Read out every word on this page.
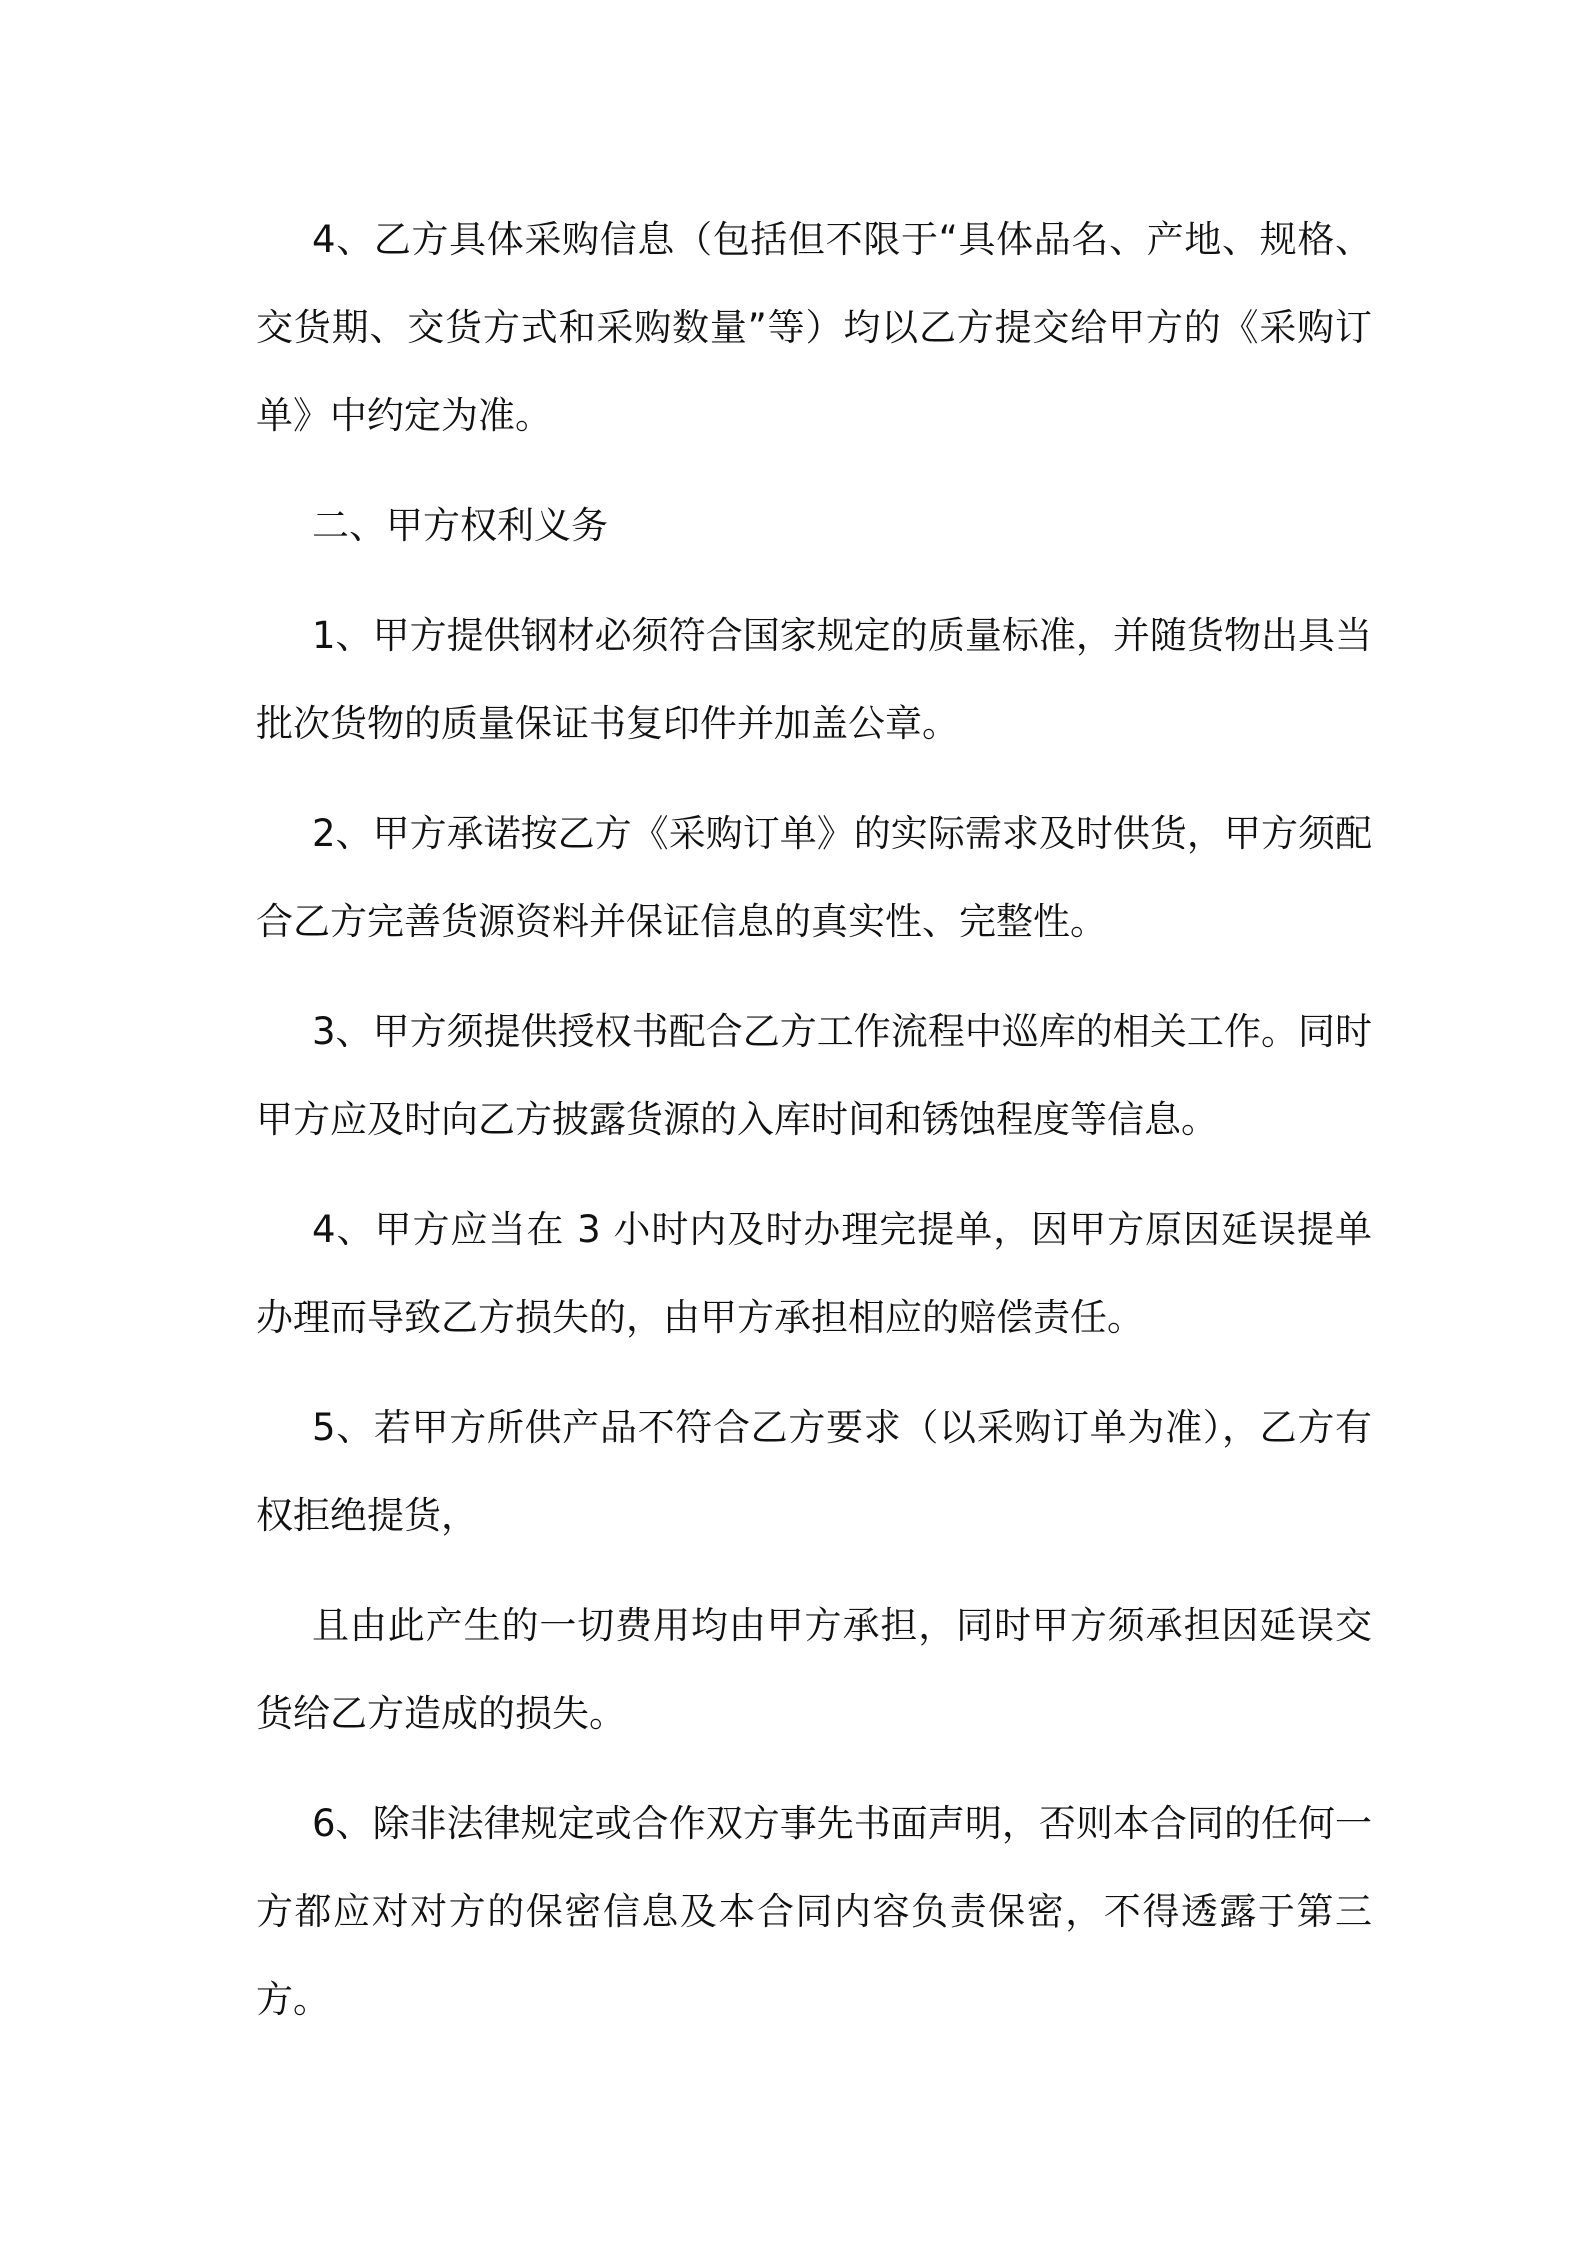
4、乙方具体采购信息（包括但不限于“具体品名、产地、规格、交货期、交货方式和采购数量”等）均以乙方提交给甲方的《采购订单》中约定为准。

二、甲方权利义务

1、甲方提供钢材必须符合国家规定的质量标准，并随货物出具当批次货物的质量保证书复印件并加盖公章。

2、甲方承诺按乙方《采购订单》的实际需求及时供货，甲方须配合乙方完善货源资料并保证信息的真实性、完整性。

3、甲方须提供授权书配合乙方工作流程中巡库的相关工作。同时甲方应及时向乙方披露货源的入库时间和锈蚀程度等信息。

4、甲方应当在 3 小时内及时办理完提单，因甲方原因延误提单办理而导致乙方损失的，由甲方承担相应的赔偿责任。

5、若甲方所供产品不符合乙方要求（以采购订单为准），乙方有权拒绝提货，

且由此产生的一切费用均由甲方承担，同时甲方须承担因延误交货给乙方造成的损失。

6、除非法律规定或合作双方事先书面声明，否则本合同的任何一方都应对对方的保密信息及本合同内容负责保密，不得透露于第三方。
